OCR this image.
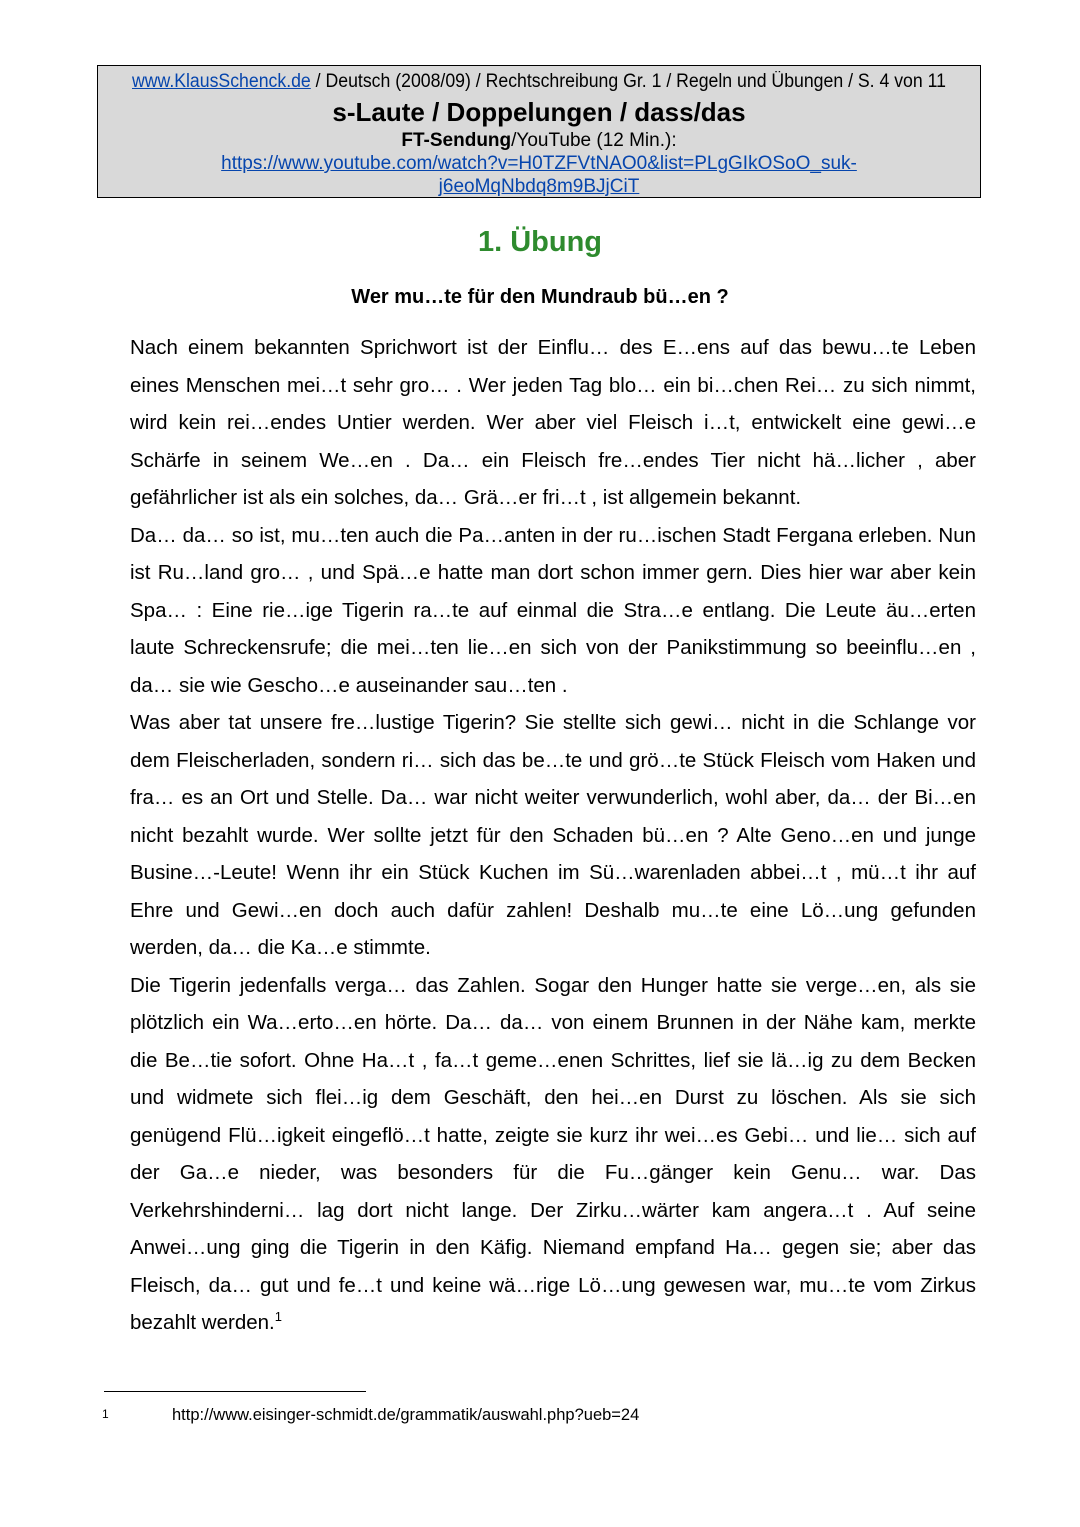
www.KlausSchenck.de / Deutsch (2008/09) / Rechtschreibung Gr. 1 / Regeln und Übungen / S. 4 von 11
s-Laute / Doppelungen / dass/das
FT-Sendung/YouTube (12 Min.):
https://www.youtube.com/watch?v=H0TZFVtNAO0&list=PLgGIkOSoO_suk-
j6eoMqNbdq8m9BJjCiT
1. Übung
Wer mu…te für den Mundraub bü…en ?

Nach einem bekannten Sprichwort ist der Einflu… des E…ens auf das bewu…te Leben eines Menschen mei…t sehr gro… . Wer jeden Tag blo… ein bi…chen Rei… zu sich nimmt, wird kein rei…endes Untier werden. Wer aber viel Fleisch i…t, entwickelt eine gewi…e Schärfe in seinem We…en . Da… ein Fleisch fre…endes Tier nicht hä…licher , aber gefährlicher ist als ein solches, da… Grä…er fri…t , ist allgemein bekannt.

Da… da… so ist, mu…ten auch die Pa…anten in der ru…ischen Stadt Fergana erleben. Nun ist Ru…land gro… , und Spä…e hatte man dort schon immer gern. Dies hier war aber kein Spa… : Eine rie…ige Tigerin ra…te auf einmal die Stra…e entlang. Die Leute äu…erten laute Schreckensrufe; die mei…ten lie…en sich von der Panikstimmung so beeinflu…en , da… sie wie Gescho…e auseinander sau…ten .

Was aber tat unsere fre…lustige Tigerin? Sie stellte sich gewi… nicht in die Schlange vor dem Fleischerladen, sondern ri… sich das be…te und grö…te Stück Fleisch vom Haken und fra… es an Ort und Stelle. Da… war nicht weiter verwunderlich, wohl aber, da… der Bi…en nicht bezahlt wurde. Wer sollte jetzt für den Schaden bü…en ? Alte Geno…en und junge Busine…-Leute! Wenn ihr ein Stück Kuchen im Sü…warenladen abbei…t , mü…t ihr auf Ehre und Gewi…en doch auch dafür zahlen! Deshalb mu…te eine Lö…ung gefunden werden, da… die Ka…e stimmte.

Die Tigerin jedenfalls verga… das Zahlen. Sogar den Hunger hatte sie verge…en, als sie plötzlich ein Wa…erto…en hörte. Da… da… von einem Brunnen in der Nähe kam, merkte die Be…tie sofort. Ohne Ha…t , fa…t geme…enen Schrittes, lief sie lä…ig zu dem Becken und widmete sich flei…ig dem Geschäft, den hei…en Durst zu löschen. Als sie sich genügend Flü…igkeit eingeflö…t hatte, zeigte sie kurz ihr wei…es Gebi… und lie… sich auf der Ga…e nieder, was besonders für die Fu…gänger kein Genu… war. Das Verkehrshinderni… lag dort nicht lange. Der Zirku…wärter kam angera…t . Auf seine Anwei…ung ging die Tigerin in den Käfig. Niemand empfand Ha… gegen sie; aber das Fleisch, da… gut und fe…t und keine wä…rige Lö…ung gewesen war, mu…te vom Zirkus bezahlt werden.$^1$

1	http://www.eisinger-schmidt.de/grammatik/auswahl.php?ueb=24
